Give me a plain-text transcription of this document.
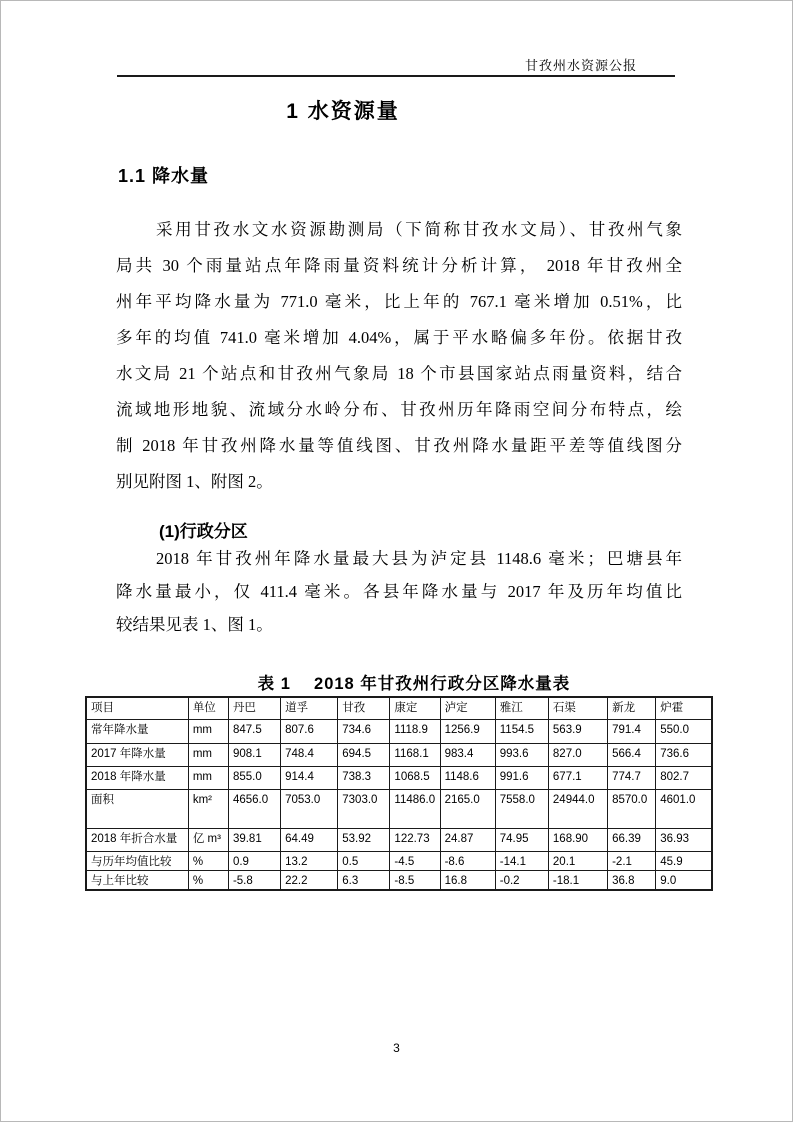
甘孜州水资源公报
1 水资源量
1.1 降水量
采用甘孜水文水资源勘测局（下简称甘孜水文局）、甘孜州气象
局共 30 个雨量站点年降雨量资料统计分析计算， 2018 年甘孜州全
州年平均降水量为 771.0 毫米，比上年的 767.1 毫米增加 0.51%，比
多年的均值 741.0 毫米增加 4.04%，属于平水略偏多年份。依据甘孜
水文局 21 个站点和甘孜州气象局 18 个市县国家站点雨量资料，结合
流域地形地貌、流域分水岭分布、甘孜州历年降雨空间分布特点，绘
制 2018 年甘孜州降水量等值线图、甘孜州降水量距平差等值线图分
别见附图 1、附图 2。
(1)行政分区
2018 年甘孜州年降水量最大县为泸定县 1148.6 毫米；巴塘县年
降水量最小，仅 411.4 毫米。各县年降水量与 2017 年及历年均值比
较结果见表 1、图 1。
表 1　 2018 年甘孜州行政分区降水量表
项目	单位	丹巴	道孚	甘孜	康定	泸定	雅江	石渠	新龙	炉霍
常年降水量	mm	847.5	807.6	734.6	1118.9	1256.9	1154.5	563.9	791.4	550.0
2017 年降水量	mm	908.1	748.4	694.5	1168.1	983.4	993.6	827.0	566.4	736.6
2018 年降水量	mm	855.0	914.4	738.3	1068.5	1148.6	991.6	677.1	774.7	802.7
面积	km²	4656.0	7053.0	7303.0	11486.0	2165.0	7558.0	24944.0	8570.0	4601.0
2018 年折合水量	亿 m³	39.81	64.49	53.92	122.73	24.87	74.95	168.90	66.39	36.93
与历年均值比较	%	0.9	13.2	0.5	-4.5	-8.6	-14.1	20.1	-2.1	45.9
与上年比较	%	-5.8	22.2	6.3	-8.5	16.8	-0.2	-18.1	36.8	9.0
3
